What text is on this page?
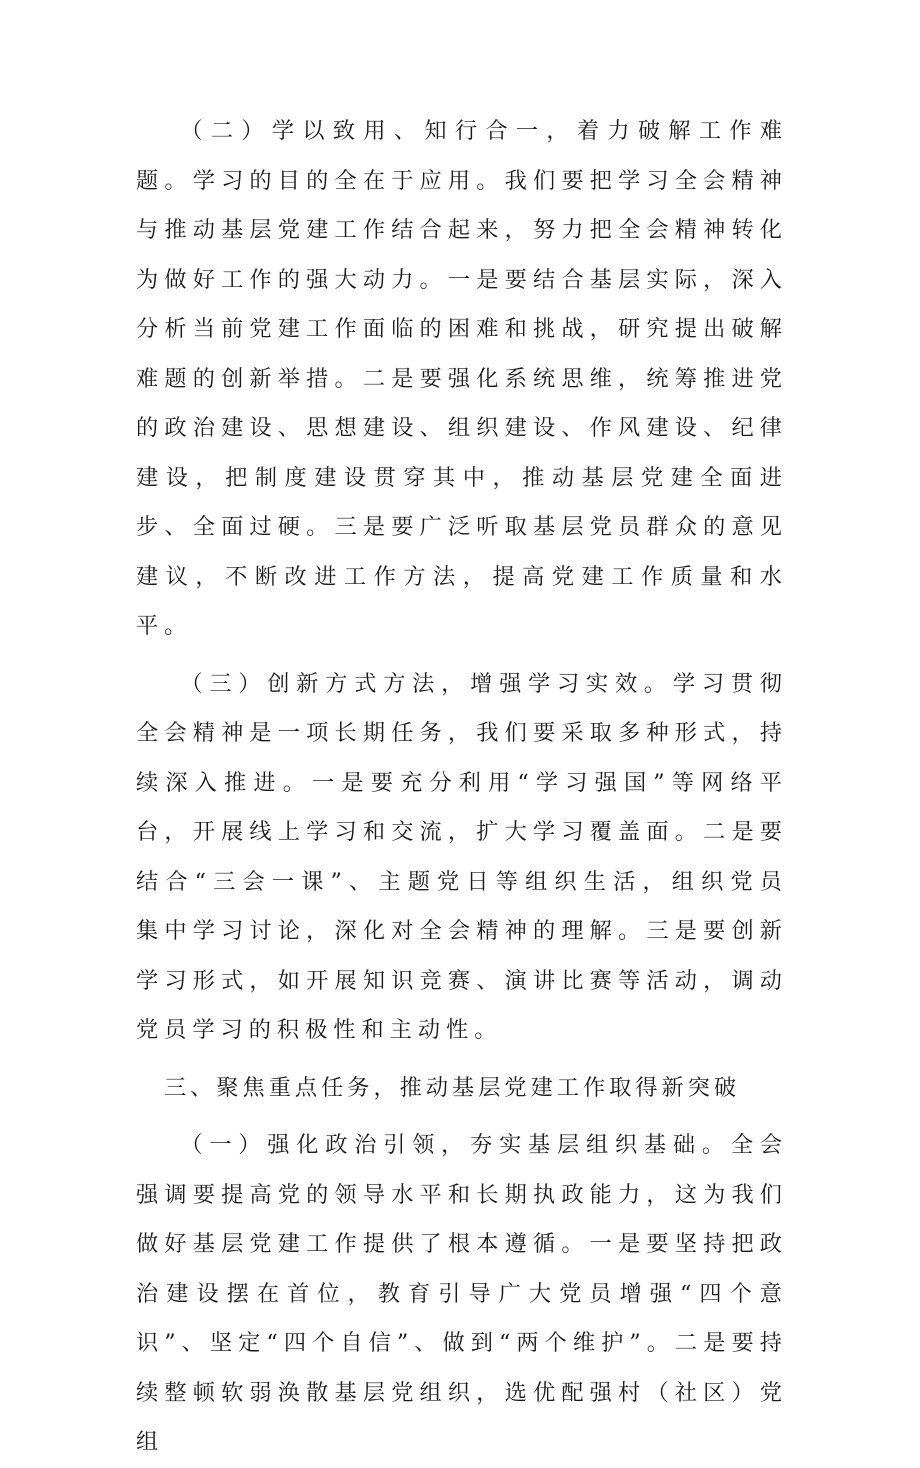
（二）学以致用、知行合一，着力破解工作难题。学习的目的全在于应用。我们要把学习全会精神与推动基层党建工作结合起来，努力把全会精神转化为做好工作的强大动力。一是要结合基层实际，深入分析当前党建工作面临的困难和挑战，研究提出破解难题的创新举措。二是要强化系统思维，统筹推进党的政治建设、思想建设、组织建设、作风建设、纪律建设，把制度建设贯穿其中，推动基层党建全面进步、全面过硬。三是要广泛听取基层党员群众的意见建议，不断改进工作方法，提高党建工作质量和水平。

（三）创新方式方法，增强学习实效。学习贯彻全会精神是一项长期任务，我们要采取多种形式，持续深入推进。一是要充分利用“学习强国”等网络平台，开展线上学习和交流，扩大学习覆盖面。二是要结合“三会一课”、主题党日等组织生活，组织党员集中学习讨论，深化对全会精神的理解。三是要创新学习形式，如开展知识竞赛、演讲比赛等活动，调动党员学习的积极性和主动性。

三、聚焦重点任务，推动基层党建工作取得新突破

（一）强化政治引领，夯实基层组织基础。全会强调要提高党的领导水平和长期执政能力，这为我们做好基层党建工作提供了根本遵循。一是要坚持把政治建设摆在首位，教育引导广大党员增强“四个意识”、坚定“四个自信”、做到“两个维护”。二是要持续整顿软弱涣散基层党组织，选优配强村（社区）党组
